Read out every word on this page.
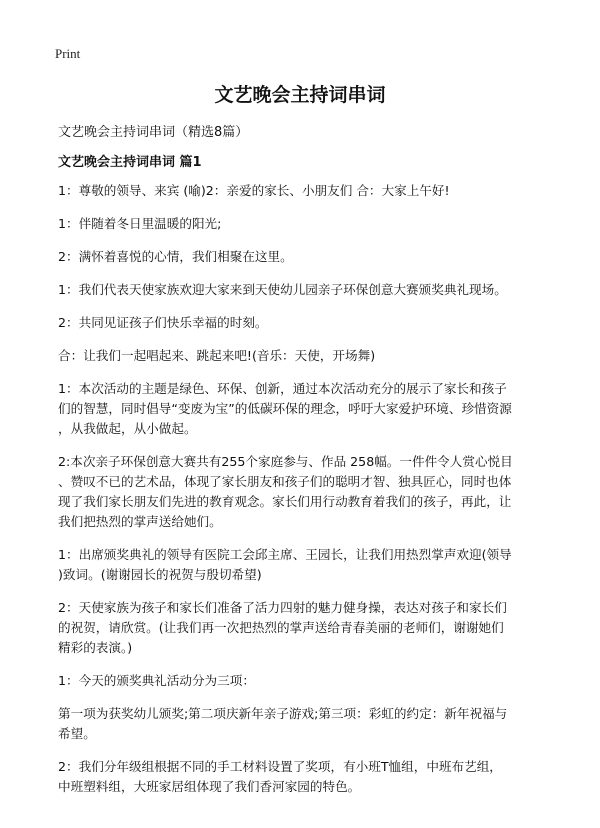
Print
文艺晚会主持词串词
文艺晚会主持词串词（精选8篇）
文艺晚会主持词串词 篇1

1：尊敬的领导、来宾 (喻)2：亲爱的家长、小朋友们 合：大家上午好!

1：伴随着冬日里温暖的阳光;

2：满怀着喜悦的心情，我们相聚在这里。

1：我们代表天使家族欢迎大家来到天使幼儿园亲子环保创意大赛颁奖典礼现场。

2：共同见证孩子们快乐幸福的时刻。

合：让我们一起唱起来、跳起来吧!(音乐：天使，开场舞)

1：本次活动的主题是绿色、环保、创新，通过本次活动充分的展示了家长和孩子
们的智慧，同时倡导“变废为宝”的低碳环保的理念，呼吁大家爱护环境、珍惜资源
，从我做起，从小做起。

2:本次亲子环保创意大赛共有255个家庭参与、作品 258幅。一件件令人赏心悦目
、赞叹不已的艺术品，体现了家长朋友和孩子们的聪明才智、独具匠心，同时也体
现了我们家长朋友们先进的教育观念。家长们用行动教育着我们的孩子，再此，让
我们把热烈的掌声送给她们。

1：出席颁奖典礼的领导有医院工会邱主席、王园长，让我们用热烈掌声欢迎(领导
)致词。(谢谢园长的祝贺与殷切希望)

2：天使家族为孩子和家长们准备了活力四射的魅力健身操，表达对孩子和家长们
的祝贺，请欣赏。(让我们再一次把热烈的掌声送给青春美丽的老师们，谢谢她们
精彩的表演。)

1：今天的颁奖典礼活动分为三项：

第一项为获奖幼儿颁奖;第二项庆新年亲子游戏;第三项：彩虹的约定：新年祝福与
希望。

2：我们分年级组根据不同的手工材料设置了奖项，有小班T恤组，中班布艺组，
中班塑料组，大班家居组体现了我们香河家园的特色。
